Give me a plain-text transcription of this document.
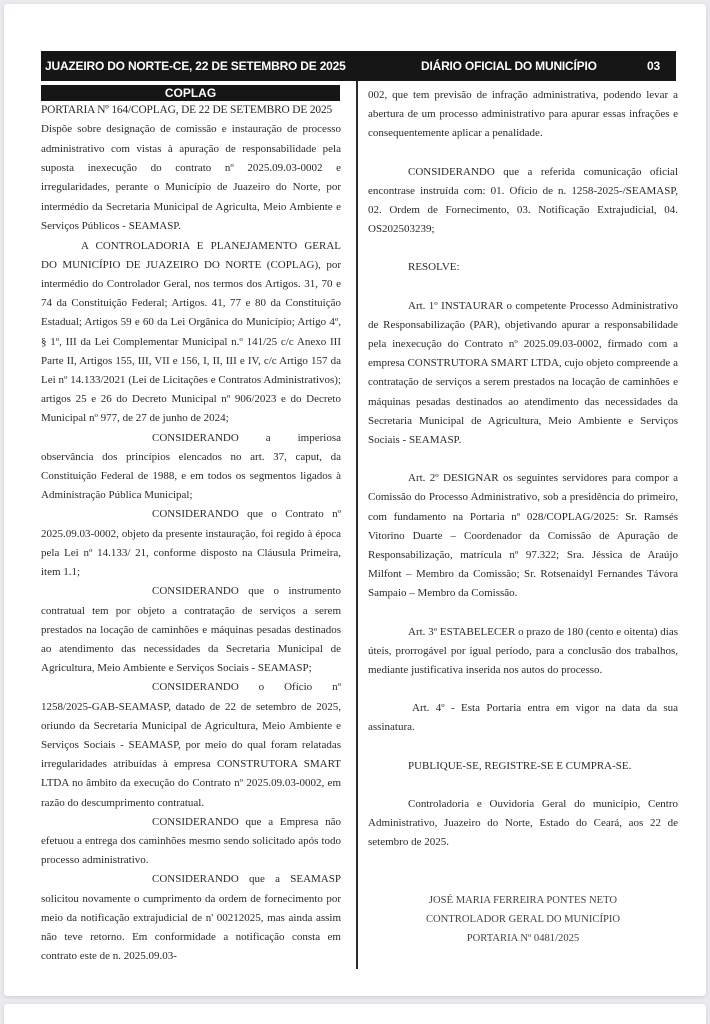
JUAZEIRO DO NORTE-CE, 22 DE SETEMBRO DE 2025	DIÁRIO OFICIAL DO MUNICÍPIO	03
COPLAG

PORTARIA Nº 164/COPLAG, DE 22 DE SETEMBRO DE 2025

Dispõe sobre designação de comissão e instauração de processo administrativo com vistas à apuração de responsabilidade pela suposta inexecução do contrato nº 2025.09.03-0002 e irregularidades, perante o Município de Juazeiro do Norte, por intermédio da Secretaria Municipal de Agriculta, Meio Ambiente e Serviços Públicos - SEAMASP.

A CONTROLADORIA E PLANEJAMENTO GERAL DO MUNICÍPIO DE JUAZEIRO DO NORTE (COPLAG), por intermédio do Controlador Geral, nos termos dos Artigos. 31, 70 e 74 da Constituição Federal; Artigos. 41, 77 e 80 da Constituição Estadual; Artigos 59 e 60 da Lei Orgânica do Município; Artigo 4º, § 1º, III da Lei Complementar Municipal n.º 141/25 c/c Anexo III Parte II, Artigos 155, III, VII e 156, I, II, III e IV, c/c Artigo 157 da Lei nº 14.133/2021 (Lei de Licitações e Contratos Administrativos); artigos 25 e 26 do Decreto Municipal nº 906/2023 e do Decreto Municipal nº 977, de 27 de junho de 2024;

CONSIDERANDO a imperiosa observância dos princípios elencados no art. 37, caput, da Constituição Federal de 1988, e em todos os segmentos ligados à Administração Pública Municipal;

CONSIDERANDO que o Contrato nº 2025.09.03-0002, objeto da presente instauração, foi regido à época pela Lei nº 14.133/ 21, conforme disposto na Cláusula Primeira, item 1.1;

CONSIDERANDO que o instrumento contratual tem por objeto a contratação de serviços a serem prestados na locação de caminhões e máquinas pesadas destinados ao atendimento das necessidades da Secretaria Municipal de Agricultura, Meio Ambiente e Serviços Sociais - SEAMASP;

CONSIDERANDO o Ofício nº 1258/2025-GAB-SEAMASP, datado de 22 de setembro de 2025, oriundo da Secretaria Municipal de Agricultura, Meio Ambiente e Serviços Sociais - SEAMASP, por meio do qual foram relatadas irregularidades atribuídas à empresa CONSTRUTORA SMART LTDA no âmbito da execução do Contrato nº 2025.09.03-0002, em razão do descumprimento contratual.

CONSIDERANDO que a Empresa não efetuou a entrega dos caminhões mesmo sendo solicitado após todo processo administrativo.

CONSIDERANDO que a SEAMASP solicitou novamente o cumprimento da ordem de fornecimento por meio da notificação extrajudicial de n' 00212025, mas ainda assim não teve retorno. Em conformidade a notificação consta em contrato este de n. 2025.09.03-

002, que tem previsão de infração administrativa, podendo levar a abertura de um processo administrativo para apurar essas infrações e consequentemente aplicar a penalidade.

CONSIDERANDO que a referida comunicação oficial encontrase instruída com: 01. Ofício de n. 1258-2025-/SEAMASP, 02. Ordem de Fornecimento, 03. Notificação Extrajudicial, 04. OS202503239;

RESOLVE:

Art. 1º INSTAURAR o competente Processo Administrativo de Responsabilização (PAR), objetivando apurar a responsabilidade pela inexecução do Contrato nº 2025.09.03-0002, firmado com a empresa CONSTRUTORA SMART LTDA, cujo objeto compreende a contratação de serviços a serem prestados na locação de caminhões e máquinas pesadas destinados ao atendimento das necessidades da Secretaria Municipal de Agricultura, Meio Ambiente e Serviços Sociais - SEAMASP.

Art. 2º DESIGNAR os seguintes servidores para compor a Comissão do Processo Administrativo, sob a presidência do primeiro, com fundamento na Portaria nº 028/COPLAG/2025: Sr. Ramsés Vitorino Duarte – Coordenador da Comissão de Apuração de Responsabilização, matrícula nº 97.322; Sra. Jéssica de Araújo Milfont – Membro da Comissão; Sr. Rotsenaidyl Fernandes Távora Sampaio – Membro da Comissão.

Art. 3º ESTABELECER o prazo de 180 (cento e oitenta) dias úteis, prorrogável por igual período, para a conclusão dos trabalhos, mediante justificativa inserida nos autos do processo.

Art. 4º - Esta Portaria entra em vigor na data da sua assinatura.

PUBLIQUE-SE, REGISTRE-SE E CUMPRA-SE.

Controladoria e Ouvidoria Geral do município, Centro Administrativo, Juazeiro do Norte, Estado do Ceará, aos 22 de setembro de 2025.

JOSÉ MARIA FERREIRA PONTES NETO

CONTROLADOR GERAL DO MUNICÍPIO

PORTARIA Nº 0481/2025
